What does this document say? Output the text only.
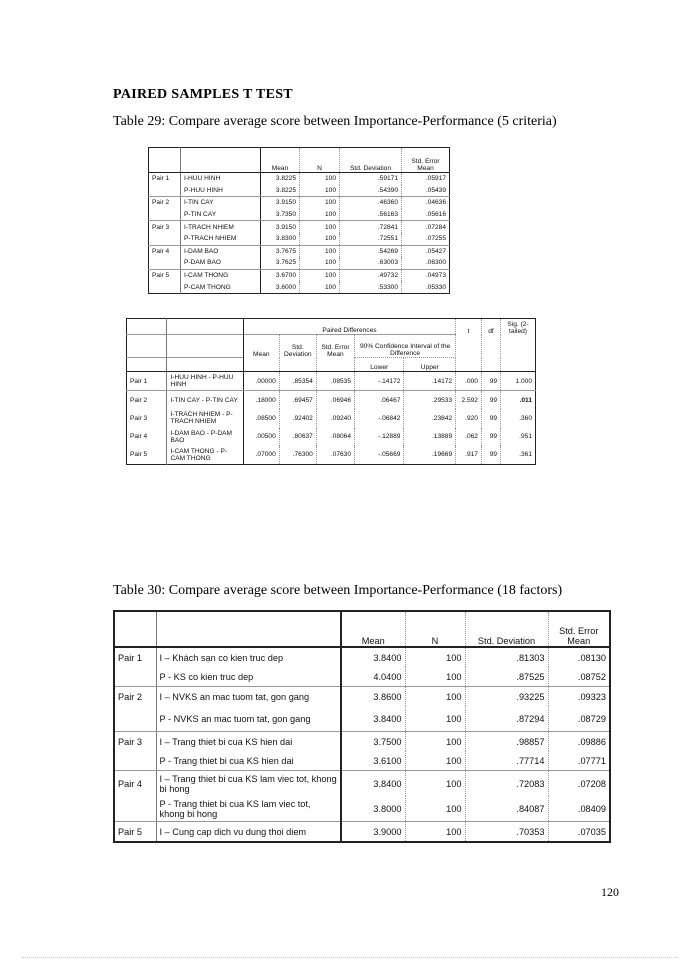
PAIRED SAMPLES T TEST
Table 29: Compare average score between Importance-Performance (5 criteria)
		Mean	N	Std. Deviation	Std. Error Mean
Pair 1	I-HUU HINH	3.8225	100	.59171	.05917
	P-HUU HINH	3.8225	100	.54390	.05439
Pair 2	I-TIN CAY	3.9150	100	.46360	.04636
	P-TIN CAY	3.7350	100	.56163	.05616
Pair 3	I-TRACH NHIEM	3.9150	100	.72841	.07284
	P-TRACH NHIEM	3.8300	100	.72551	.07255
Pair 4	I-DAM BAO	3.7675	100	.54269	.05427
	P-DAM BAO	3.7625	100	.63003	.06300
Pair 5	I-CAM THONG	3.6700	100	.49732	.04973
	P-CAM THONG	3.6000	100	.53300	.05330
		Paired Differences					t	df	Sig. (2-tailed)
		Mean	Std. Deviation	Std. Error Mean	90% Confidence Interval of the Difference				
					Lower	Upper			
Pair 1	I-HUU HINH - P-HUU HINH	.00000	.85354	.08535	-.14172	.14172	.000	99	1.000
Pair 2	I-TIN CAY - P-TIN CAY	.18000	.69457	.06946	.06467	.29533	2.592	99	.011
Pair 3	I-TRACH NHIEM - P-TRACH NHIEM	.08500	.92402	.09240	-.06842	.23842	.920	99	.360
Pair 4	I-DAM BAO - P-DAM BAO	.00500	.80637	.08064	-.12889	.13889	.062	99	.951
Pair 5	I-CAM THONG - P-CAM THONG	.07000	.76300	.07630	-.05669	.19669	.917	99	.361
Table 30: Compare average score between Importance-Performance (18 factors)
		Mean	N	Std. Deviation	Std. Error Mean
Pair 1	I – Khách sạn co kien truc dep	3.8400	100	.81303	.08130
	P - KS co kien truc dep	4.0400	100	.87525	.08752
Pair 2	I – NVKS an mac tuom tat, gon gang	3.8600	100	.93225	.09323
	P - NVKS an mac tuom tat, gon gang	3.8400	100	.87294	.08729
Pair 3	I – Trang thiet bi cua KS hien dai	3.7500	100	.98857	.09886
	P - Trang thiet bi cua KS hien dai	3.6100	100	.77714	.07771
Pair 4	I – Trang thiet bi cua KS lam viec tot, khong bi hong	3.8400	100	.72083	.07208
	P - Trang thiet bi cua KS lam viec tot, khong bi hong	3.8000	100	.84087	.08409
Pair 5	I – Cung cap dich vu dung thoi diem	3.9000	100	.70353	.07035
120
